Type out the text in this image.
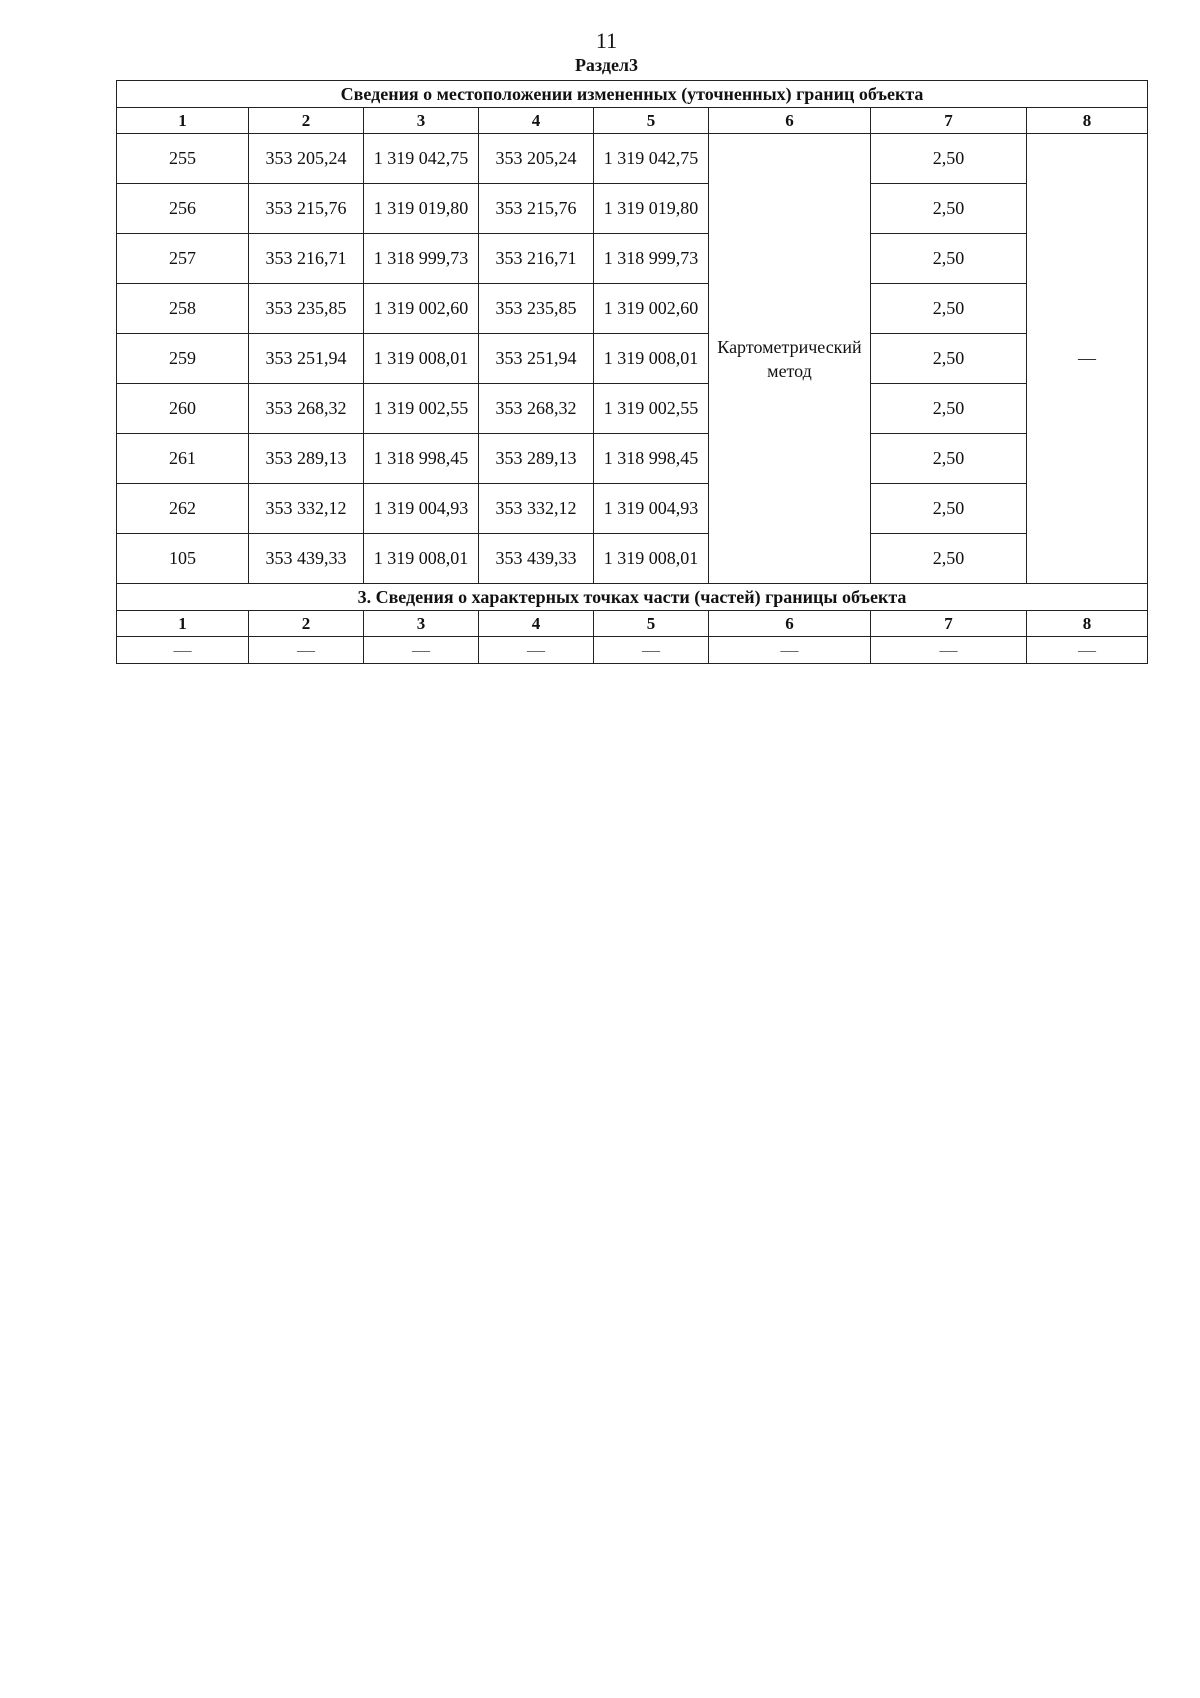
11
Раздел3
Сведения о местоположении измененных (уточненных) границ объекта							
1	2	3	4	5	6	7	8
255	353 205,24	1 319 042,75	353 205,24	1 319 042,75	Картометрический метод	2,50	—
256	353 215,76	1 319 019,80	353 215,76	1 319 019,80		2,50	
257	353 216,71	1 318 999,73	353 216,71	1 318 999,73		2,50	
258	353 235,85	1 319 002,60	353 235,85	1 319 002,60		2,50	
259	353 251,94	1 319 008,01	353 251,94	1 319 008,01		2,50	
260	353 268,32	1 319 002,55	353 268,32	1 319 002,55		2,50	
261	353 289,13	1 318 998,45	353 289,13	1 318 998,45		2,50	
262	353 332,12	1 319 004,93	353 332,12	1 319 004,93		2,50	
105	353 439,33	1 319 008,01	353 439,33	1 319 008,01		2,50	
3. Сведения о характерных точках части (частей) границы объекта							
1	2	3	4	5	6	7	8
—	—	—	—	—	—	—	—
